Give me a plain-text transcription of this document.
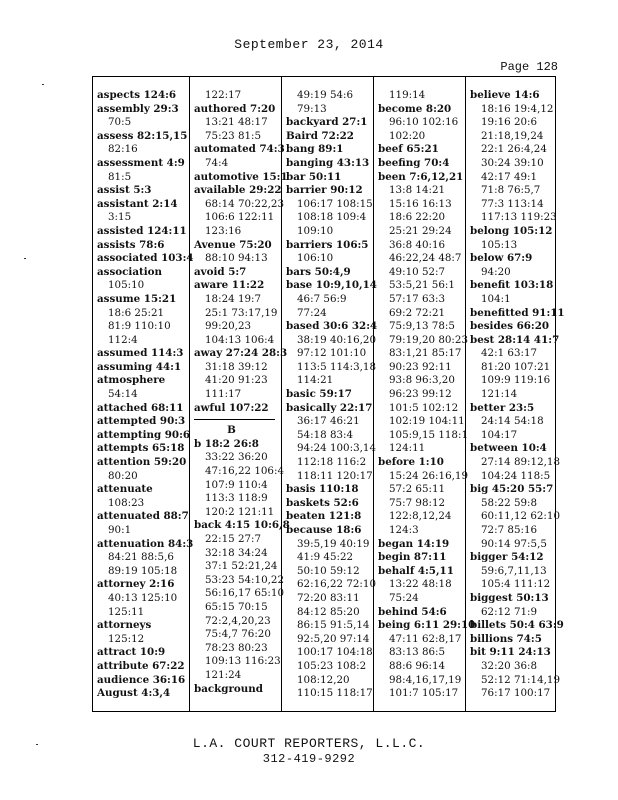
September 23, 2014
Page 128
aspects 124:6
assembly 29:3
70:5
assess 82:15,15
82:16
assessment 4:9
81:5
assist 5:3
assistant 2:14
3:15
assisted 124:11
assists 78:6
associated 103:4
association
105:10
assume 15:21
18:6 25:21
81:9 110:10
112:4
assumed 114:3
assuming 44:1
atmosphere
54:14
attached 68:11
attempted 90:3
attempting 90:6
attempts 65:18
attention 59:20
80:20
attenuate
108:23
attenuated 88:7
90:1
attenuation 84:3
84:21 88:5,6
89:19 105:18
attorney 2:16
40:13 125:10
125:11
attorneys
125:12
attract 10:9
attribute 67:22
audience 36:16
August 4:3,4
122:17
authored 7:20
13:21 48:17
75:23 81:5
automated 74:3
74:4
automotive 15:1
available 29:22
68:14 70:22,23
106:6 122:11
123:16
Avenue 75:20
88:10 94:13
avoid 5:7
aware 11:22
18:24 19:7
25:1 73:17,19
99:20,23
104:13 106:4
away 27:24 28:3
31:18 39:12
41:20 91:23
111:17
awful 107:22
B
b 18:2 26:8
33:22 36:20
47:16,22 106:4
107:9 110:4
113:3 118:9
120:2 121:11
back 4:15 10:6,8
22:15 27:7
32:18 34:24
37:1 52:21,24
53:23 54:10,22
56:16,17 65:10
65:15 70:15
72:2,4,20,23
75:4,7 76:20
78:23 80:23
109:13 116:23
121:24
background
49:19 54:6
79:13
backyard 27:1
Baird 72:22
bang 89:1
banging 43:13
bar 50:11
barrier 90:12
106:17 108:15
108:18 109:4
109:10
barriers 106:5
106:10
bars 50:4,9
base 10:9,10,14
46:7 56:9
77:24
based 30:6 32:4
38:19 40:16,20
97:12 101:10
113:5 114:3,18
114:21
basic 59:17
basically 22:17
36:17 46:21
54:18 83:4
94:24 100:3,14
112:18 116:2
118:11 120:17
basis 110:18
baskets 52:6
beaten 121:8
because 18:6
39:5,19 40:19
41:9 45:22
50:10 59:12
62:16,22 72:10
72:20 83:11
84:12 85:20
86:15 91:5,14
92:5,20 97:14
100:17 104:18
105:23 108:2
108:12,20
110:15 118:17
119:14
become 8:20
96:10 102:16
102:20
beef 65:21
beefing 70:4
been 7:6,12,21
13:8 14:21
15:16 16:13
18:6 22:20
25:21 29:24
36:8 40:16
46:22,24 48:7
49:10 52:7
53:5,21 56:1
57:17 63:3
69:2 72:21
75:9,13 78:5
79:19,20 80:23
83:1,21 85:17
90:23 92:11
93:8 96:3,20
96:23 99:12
101:5 102:12
102:19 104:11
105:9,15 118:1
124:11
before 1:10
15:24 26:16,19
57:2 65:11
75:7 98:12
122:8,12,24
124:3
began 14:19
begin 87:11
behalf 4:5,11
13:22 48:18
75:24
behind 54:6
being 6:11 29:10
47:11 62:8,17
83:13 86:5
88:6 96:14
98:4,16,17,19
101:7 105:17
believe 14:6
18:16 19:4,12
19:16 20:6
21:18,19,24
22:1 26:4,24
30:24 39:10
42:17 49:1
71:8 76:5,7
77:3 113:14
117:13 119:23
belong 105:12
105:13
below 67:9
94:20
benefit 103:18
104:1
benefitted 91:11
besides 66:20
best 28:14 41:7
42:1 63:17
81:20 107:21
109:9 119:16
121:14
better 23:5
24:14 54:18
104:17
between 10:4
27:14 89:12,18
104:24 118:5
big 45:20 55:7
58:22 59:8
60:11,12 62:10
72:7 85:16
90:14 97:5,5
bigger 54:12
59:6,7,11,13
105:4 111:12
biggest 50:13
62:12 71:9
billets 50:4 63:9
billions 74:5
bit 9:11 24:13
32:20 36:8
52:12 71:14,19
76:17 100:17
L.A. COURT REPORTERS, L.L.C.
312-419-9292
